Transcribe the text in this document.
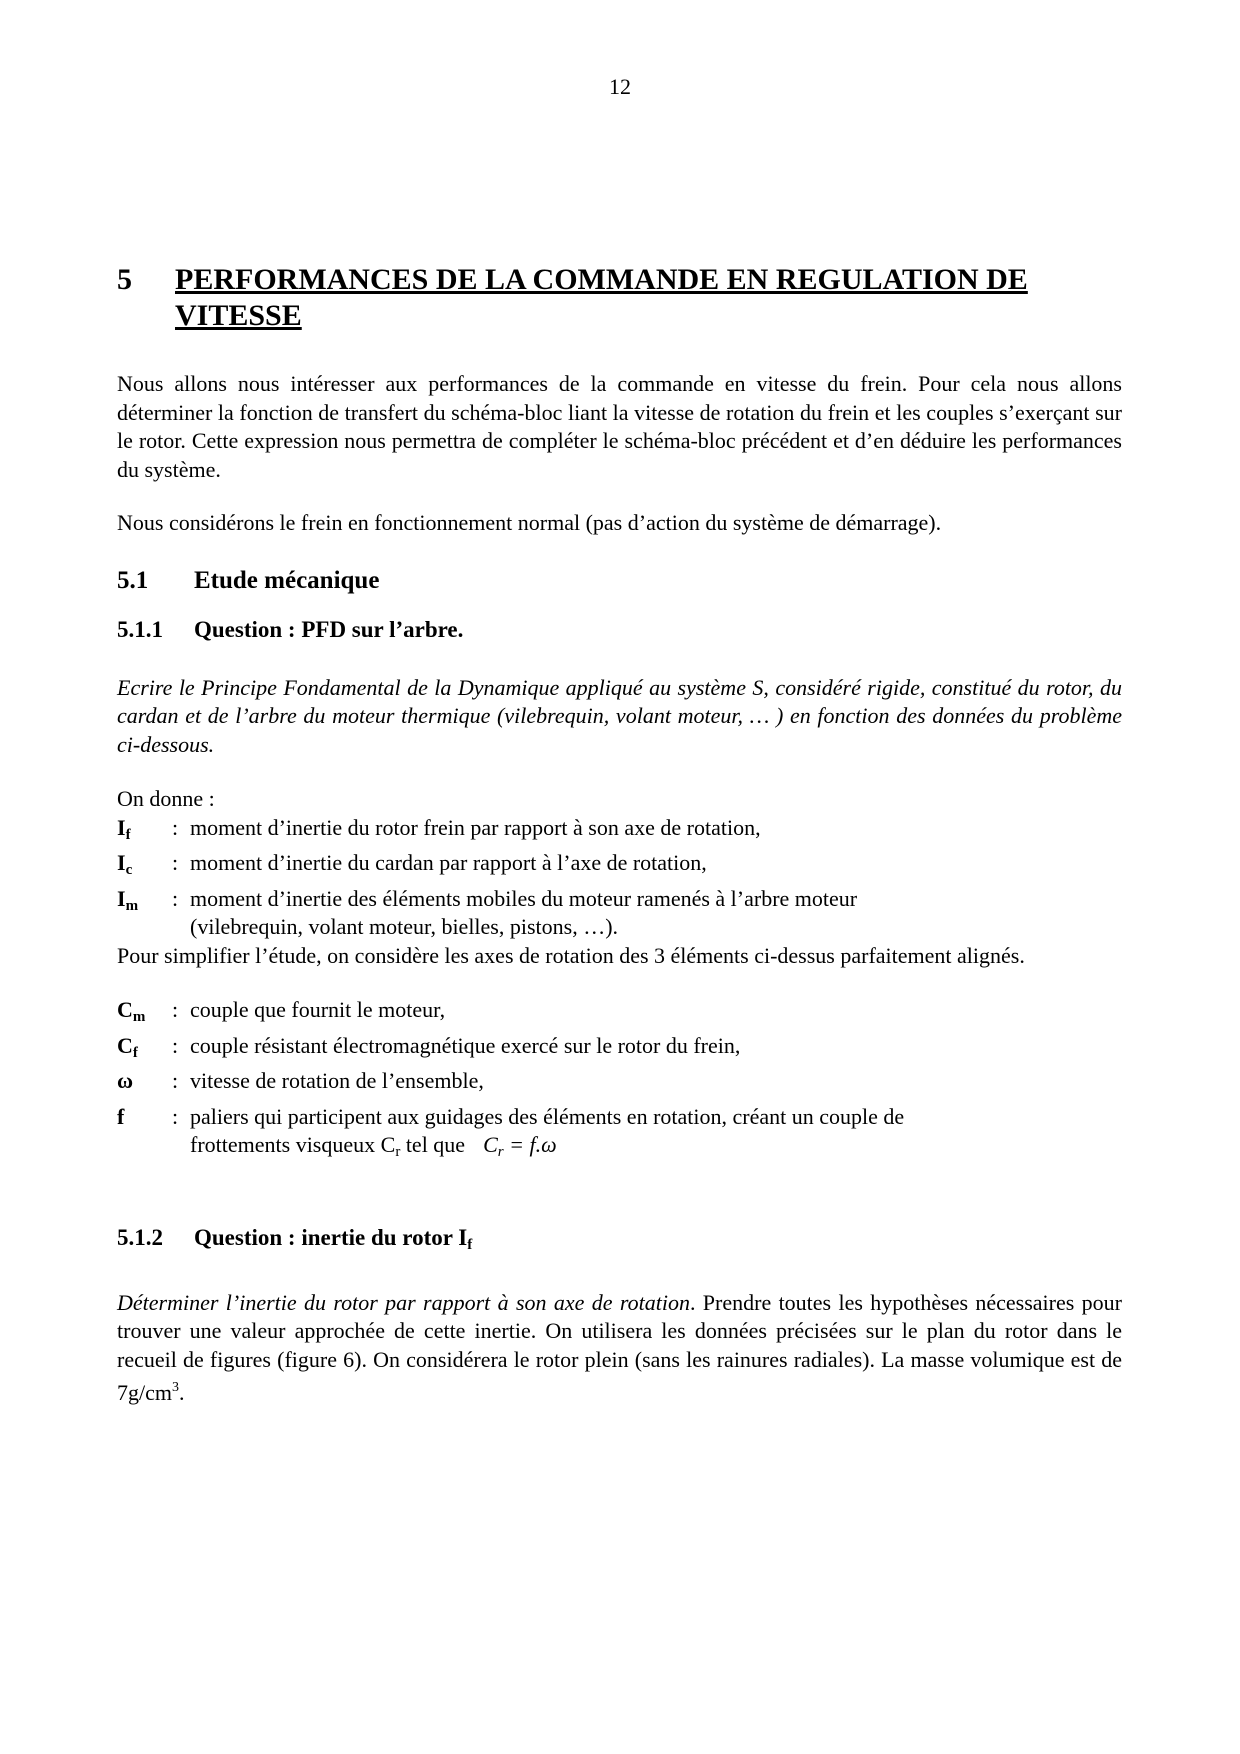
12
5	PERFORMANCES DE LA COMMANDE EN REGULATION DE VITESSE

Nous allons nous intéresser aux performances de la commande en vitesse du frein. Pour cela nous allons déterminer la fonction de transfert du schéma-bloc liant la vitesse de rotation du frein et les couples s’exerçant sur le rotor. Cette expression nous permettra de compléter le schéma-bloc précédent et d’en déduire les performances du système.

Nous considérons le frein en fonctionnement normal (pas d’action du système de démarrage).

5.1	Etude mécanique
5.1.1	Question : PFD sur l’arbre.

Ecrire le Principe Fondamental de la Dynamique appliqué au système S, considéré rigide, constitué du rotor, du cardan et de l’arbre du moteur thermique (vilebrequin, volant moteur, … ) en fonction des données du problème ci-dessous.

On donne :

$I_f$	: moment d’inertie du rotor frein par rapport à son axe de rotation,
$I_c$	: moment d’inertie du cardan par rapport à l’axe de rotation,
$I_m$	: moment d’inertie des éléments mobiles du moteur ramenés à l’arbre moteur (vilebrequin, volant moteur, bielles, pistons, …).

Pour simplifier l’étude, on considère les axes de rotation des 3 éléments ci-dessus parfaitement alignés.

$C_m$	: couple que fournit le moteur,
$C_f$	: couple résistant électromagnétique exercé sur le rotor du frein,
ω	: vitesse de rotation de l’ensemble,
f	: paliers qui participent aux guidages des éléments en rotation, créant un couple de
frottements visqueux $C_r$ tel que $C_r = f.\omega$
5.1.2	Question : inertie du rotor $I_f$

Déterminer l’inertie du rotor par rapport à son axe de rotation. Prendre toutes les hypothèses nécessaires pour trouver une valeur approchée de cette inertie. On utilisera les données précisées sur le plan du rotor dans le recueil de figures (figure 6). On considérera le rotor plein (sans les rainures radiales). La masse volumique est de $7g/cm^3$.
